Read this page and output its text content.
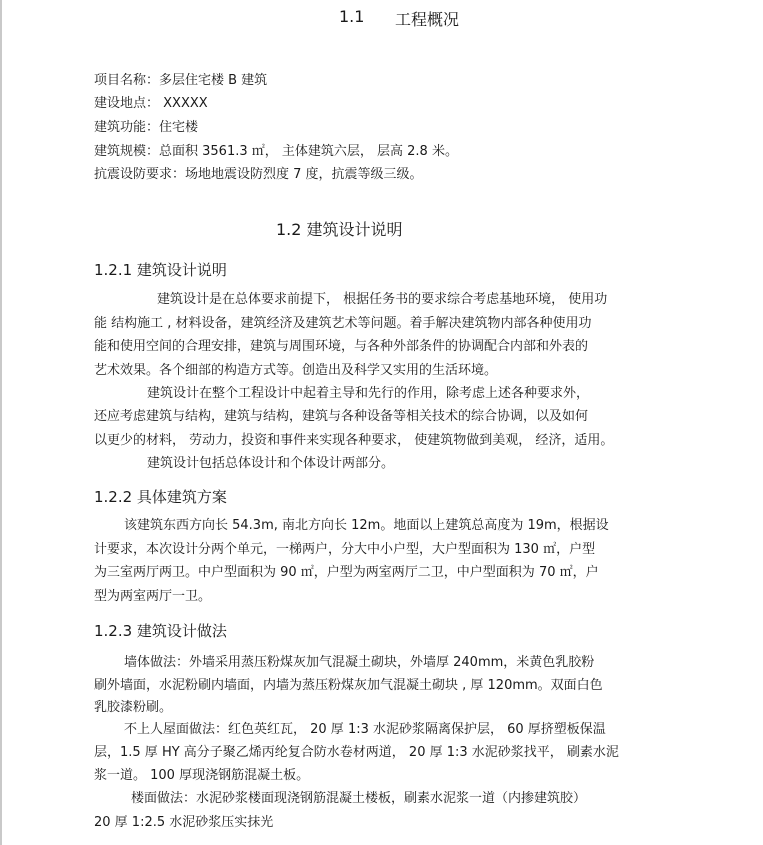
1.1 工程概况
项目名称：多层住宅楼 B 建筑
建设地点： XXXXX
建筑功能：住宅楼
建筑规模：总面积 3561.3 ㎡， 主体建筑六层， 层高 2.8 米。
抗震设防要求：场地地震设防烈度 7 度，抗震等级三级。
1.2 建筑设计说明
1.2.1 建筑设计说明
建筑设计是在总体要求前提下， 根据任务书的要求综合考虑基地环境， 使用功
能 结构施工 , 材料设备，建筑经济及建筑艺术等问题。着手解决建筑物内部各种使用功
能和使用空间的合理安排，建筑与周围环境，与各种外部条件的协调配合内部和外表的
艺术效果。各个细部的构造方式等。创造出及科学又实用的生活环境。
建筑设计在整个工程设计中起着主导和先行的作用，除考虑上述各种要求外，
还应考虑建筑与结构，建筑与结构，建筑与各种设备等相关技术的综合协调，以及如何
以更少的材料， 劳动力，投资和事件来实现各种要求， 使建筑物做到美观， 经济，适用。
建筑设计包括总体设计和个体设计两部分。
1.2.2 具体建筑方案
该建筑东西方向长 54.3m, 南北方向长 12m。地面以上建筑总高度为 19m，根据设
计要求，本次设计分两个单元，一梯两户，分大中小户型，大户型面积为 130 ㎡，户型
为三室两厅两卫。中户型面积为 90 ㎡，户型为两室两厅二卫，中户型面积为 70 ㎡，户
型为两室两厅一卫。
1.2.3 建筑设计做法
墙体做法：外墙采用蒸压粉煤灰加气混凝土砌块，外墙厚 240mm，米黄色乳胶粉
刷外墙面，水泥粉刷内墙面，内墙为蒸压粉煤灰加气混凝土砌块 , 厚 120mm。双面白色
乳胶漆粉刷。
不上人屋面做法：红色英红瓦， 20 厚 1:3 水泥砂浆隔离保护层， 60 厚挤塑板保温
层，1.5 厚 HY 高分子聚乙烯丙纶复合防水卷材两道， 20 厚 1:3 水泥砂浆找平， 刷素水泥
浆一道。 100 厚现浇钢筋混凝土板。
楼面做法：水泥砂浆楼面现浇钢筋混凝土楼板，刷素水泥浆一道（内掺建筑胶）
20 厚 1:2.5 水泥砂浆压实抹光
